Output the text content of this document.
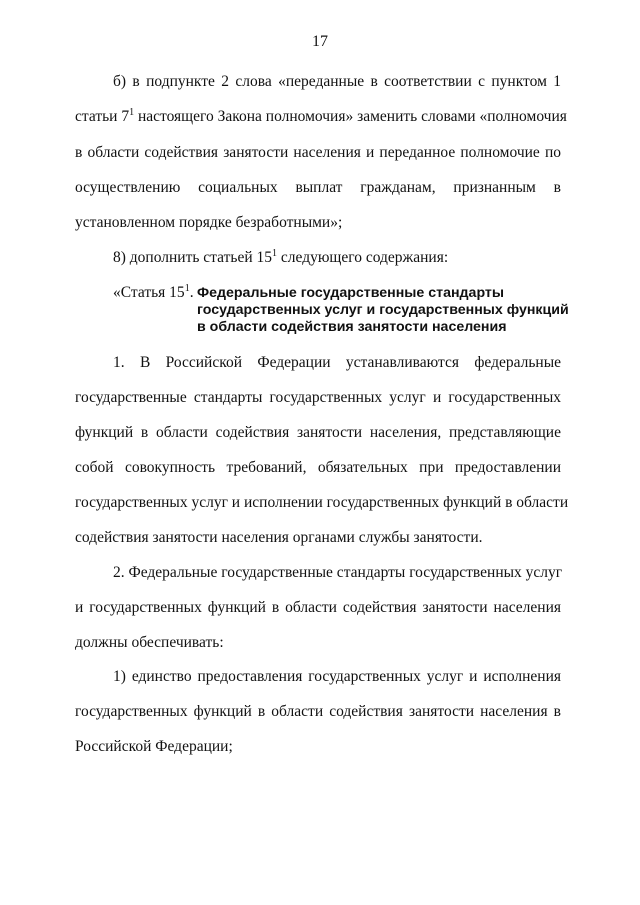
17
б) в подпункте 2 слова «переданные в соответствии с пунктом 1
статьи $7^1$ настоящего Закона полномочия» заменить словами «полномочия
в области содействия занятости населения и переданное полномочие по
осуществлению социальных выплат гражданам, признанным в
установленном порядке безработными»;
8) дополнить статьей $15^1$ следующего содержания:
«Статья $15^1$. Федеральные государственные стандарты
государственных услуг и государственных функций
в области содействия занятости населения
1. В Российской Федерации устанавливаются федеральные
государственные стандарты государственных услуг и государственных
функций в области содействия занятости населения, представляющие
собой совокупность требований, обязательных при предоставлении
государственных услуг и исполнении государственных функций в области
содействия занятости населения органами службы занятости.
2. Федеральные государственные стандарты государственных услуг
и государственных функций в области содействия занятости населения
должны обеспечивать:
1) единство предоставления государственных услуг и исполнения
государственных функций в области содействия занятости населения в
Российской Федерации;
